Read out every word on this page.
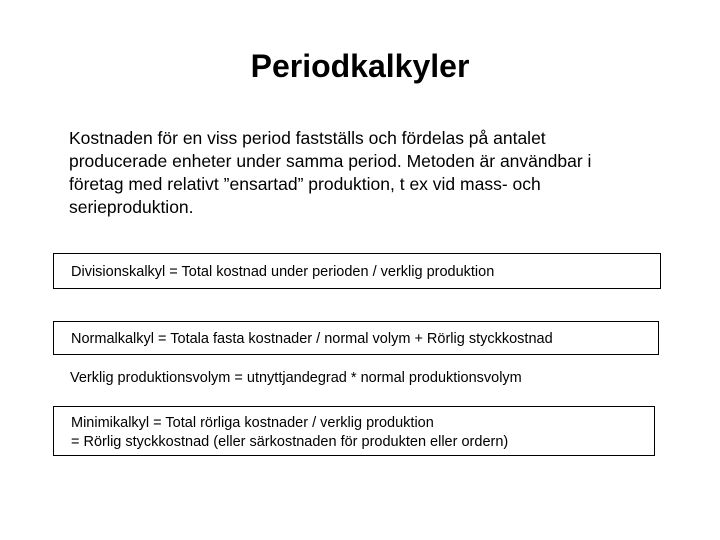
Periodkalkyler

Kostnaden för en viss period fastställs och fördelas på antalet
producerade enheter under samma period. Metoden är användbar i
företag med relativt ”ensartad” produktion, t ex vid mass- och
serieproduktion.

Divisionskalkyl = Total kostnad under perioden / verklig produktion
Normalkalkyl = Totala fasta kostnader / normal volym + Rörlig styckkostnad
Verklig produktionsvolym = utnyttjandegrad * normal produktionsvolym
Minimikalkyl = Total rörliga kostnader / verklig produktion
= Rörlig styckkostnad (eller särkostnaden för produkten eller ordern)
